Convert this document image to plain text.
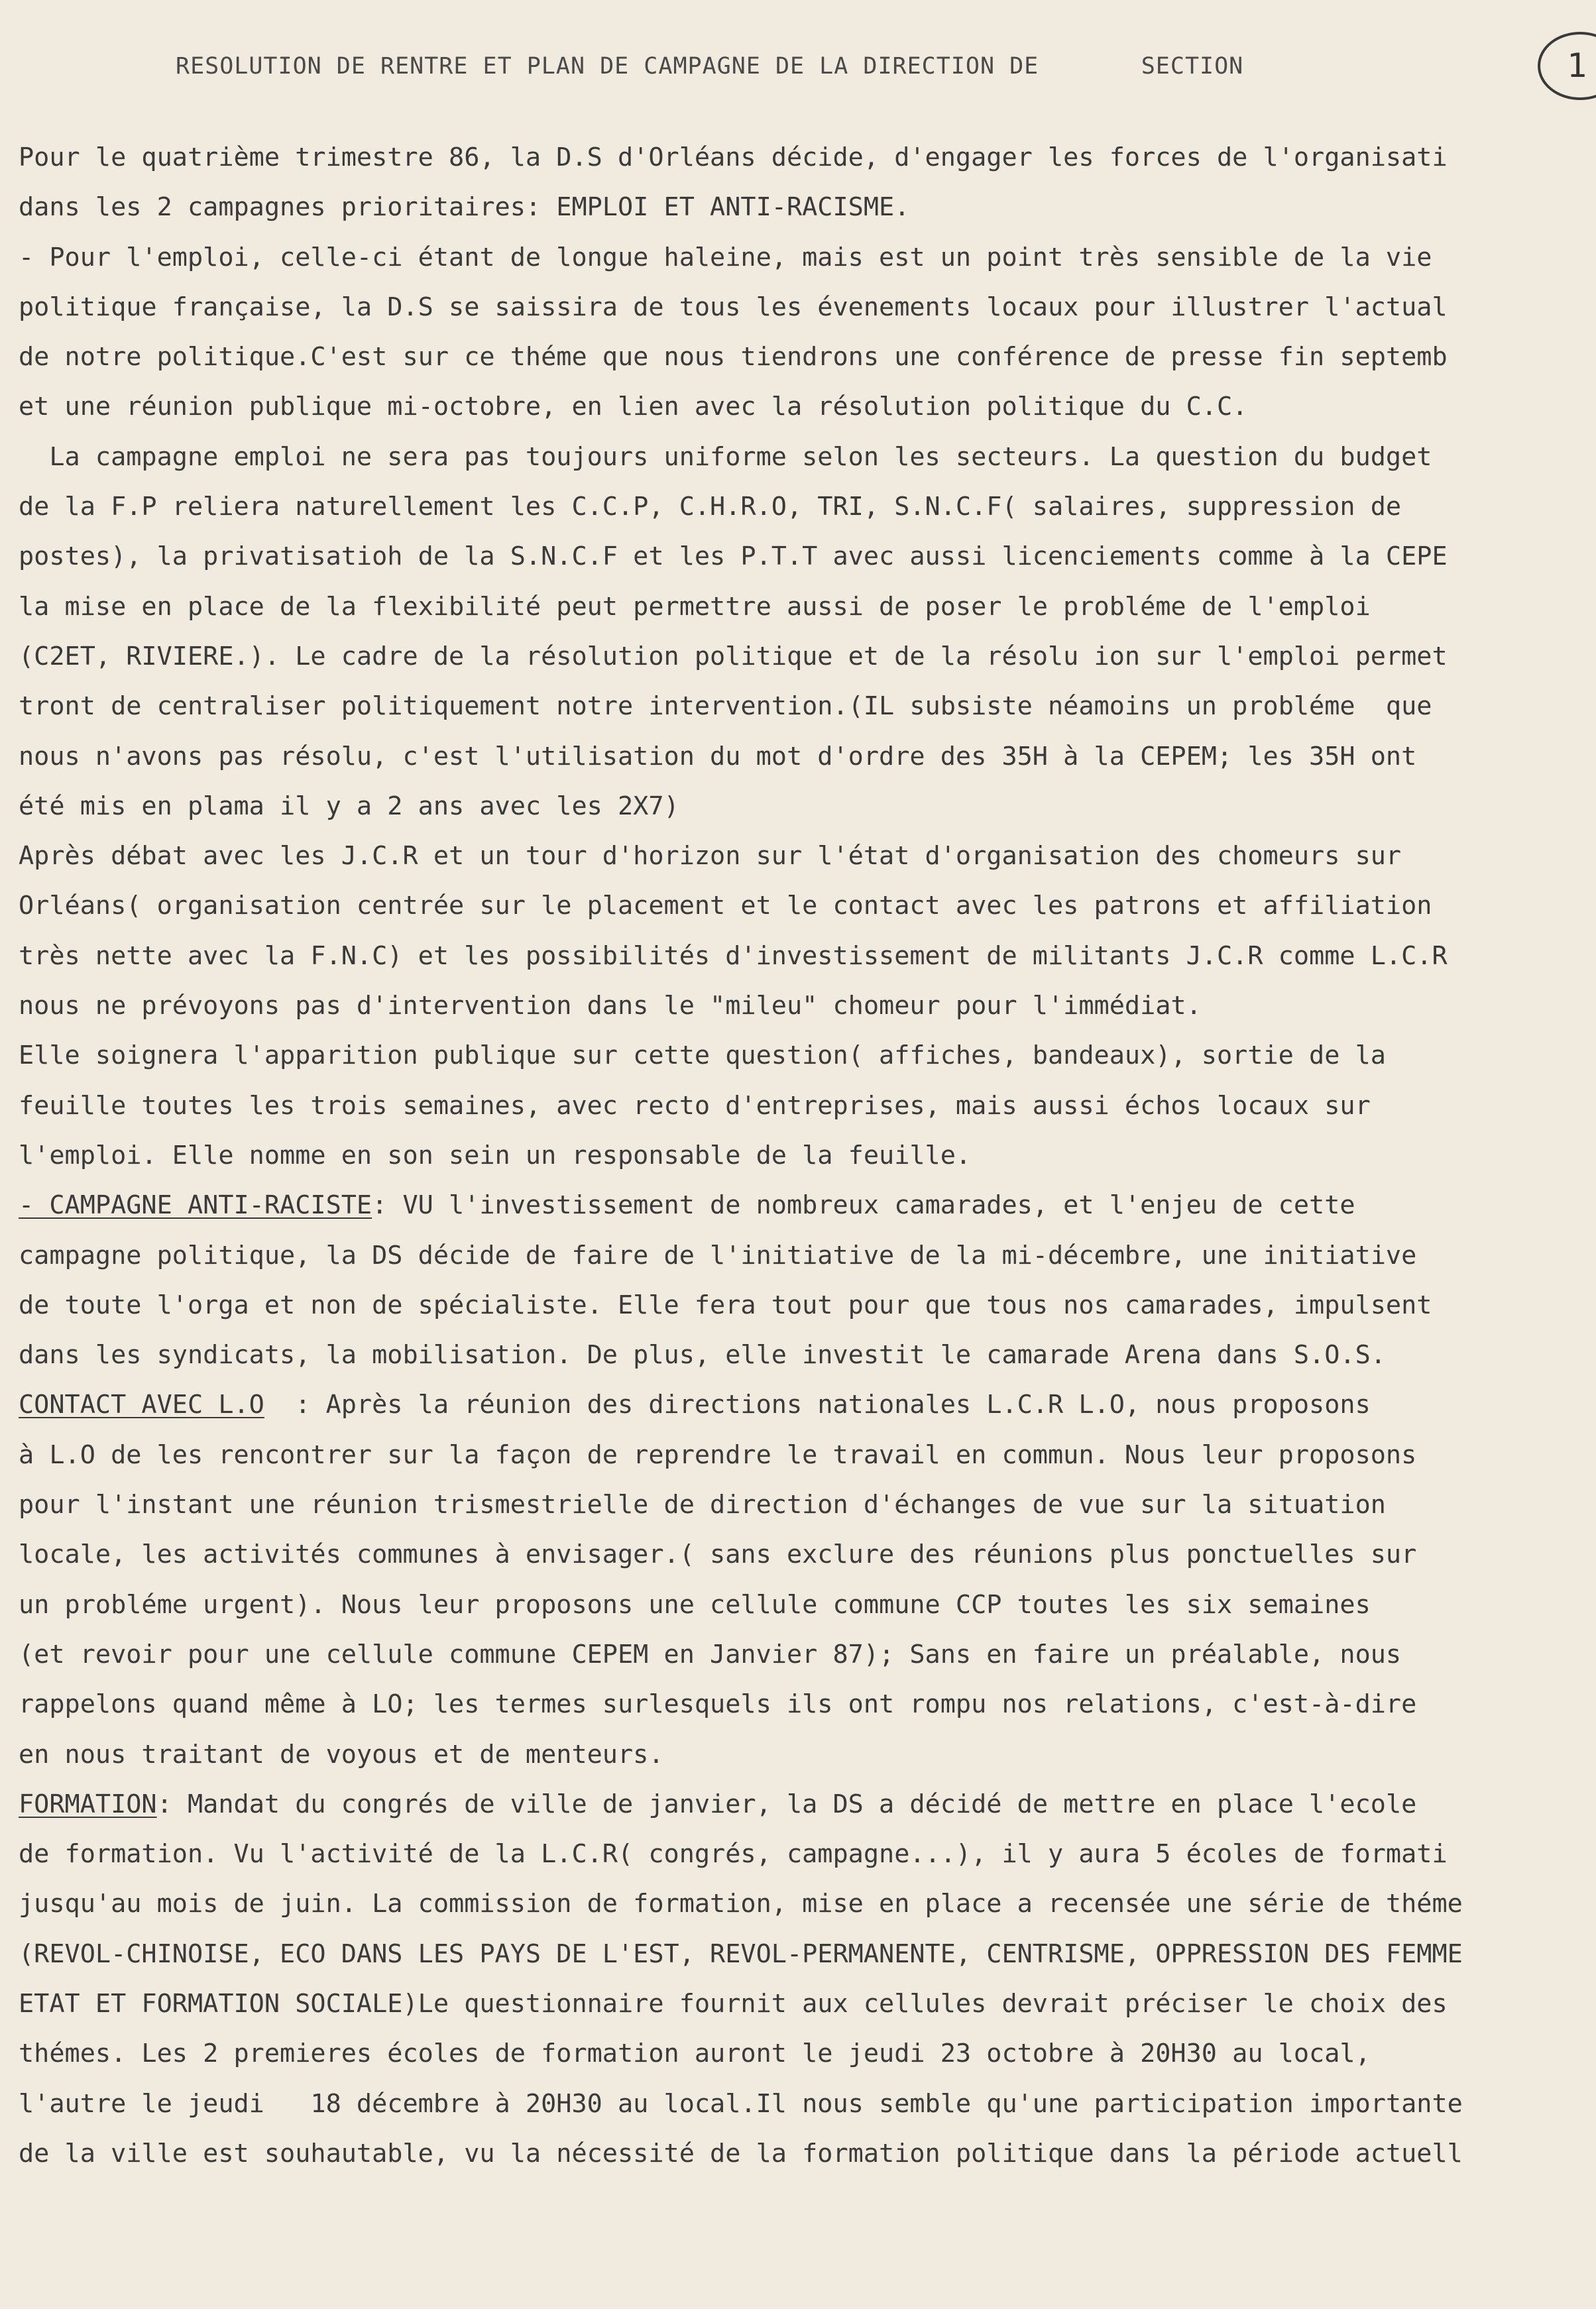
RESOLUTION DE RENTRE ET PLAN DE CAMPAGNE DE LA DIRECTION DE       SECTION	1
Pour le quatrième trimestre 86, la D.S d'Orléans décide, d'engager les forces de l'organisati
dans les 2 campagnes prioritaires: EMPLOI ET ANTI-RACISME.
- Pour l'emploi, celle-ci étant de longue haleine, mais est un point très sensible de la vie
politique française, la D.S se saissira de tous les évenements locaux pour illustrer l'actual
de notre politique.C'est sur ce théme que nous tiendrons une conférence de presse fin septemb
et une réunion publique mi-octobre, en lien avec la résolution politique du C.C.
La campagne emploi ne sera pas toujours uniforme selon les secteurs. La question du budget
de la F.P reliera naturellement les C.C.P, C.H.R.O, TRI, S.N.C.F( salaires, suppression de
postes), la privatisatioh de la S.N.C.F et les P.T.T avec aussi licenciements comme à la CEPE
la mise en place de la flexibilité peut permettre aussi de poser le probléme de l'emploi
(C2ET, RIVIERE.). Le cadre de la résolution politique et de la résolu ion sur l'emploi permet
tront de centraliser politiquement notre intervention.(IL subsiste néamoins un probléme  que
nous n'avons pas résolu, c'est l'utilisation du mot d'ordre des 35H à la CEPEM; les 35H ont
été mis en plama il y a 2 ans avec les 2X7)
Après débat avec les J.C.R et un tour d'horizon sur l'état d'organisation des chomeurs sur
Orléans( organisation centrée sur le placement et le contact avec les patrons et affiliation
très nette avec la F.N.C) et les possibilités d'investissement de militants J.C.R comme L.C.R
nous ne prévoyons pas d'intervention dans le "mileu" chomeur pour l'immédiat.
Elle soignera l'apparition publique sur cette question( affiches, bandeaux), sortie de la
feuille toutes les trois semaines, avec recto d'entreprises, mais aussi échos locaux sur
l'emploi. Elle nomme en son sein un responsable de la feuille.
- CAMPAGNE ANTI-RACISTE: VU l'investissement de nombreux camarades, et l'enjeu de cette
campagne politique, la DS décide de faire de l'initiative de la mi-décembre, une initiative
de toute l'orga et non de spécialiste. Elle fera tout pour que tous nos camarades, impulsent
dans les syndicats, la mobilisation. De plus, elle investit le camarade Arena dans S.O.S.
CONTACT AVEC L.O  : Après la réunion des directions nationales L.C.R L.O, nous proposons
à L.O de les rencontrer sur la façon de reprendre le travail en commun. Nous leur proposons
pour l'instant une réunion trismestrielle de direction d'échanges de vue sur la situation
locale, les activités communes à envisager.( sans exclure des réunions plus ponctuelles sur
un probléme urgent). Nous leur proposons une cellule commune CCP toutes les six semaines
(et revoir pour une cellule commune CEPEM en Janvier 87); Sans en faire un préalable, nous
rappelons quand même à LO; les termes surlesquels ils ont rompu nos relations, c'est-à-dire
en nous traitant de voyous et de menteurs.
FORMATION: Mandat du congrés de ville de janvier, la DS a décidé de mettre en place l'ecole
de formation. Vu l'activité de la L.C.R( congrés, campagne...), il y aura 5 écoles de formati
jusqu'au mois de juin. La commission de formation, mise en place a recensée une série de théme
(REVOL-CHINOISE, ECO DANS LES PAYS DE L'EST, REVOL-PERMANENTE, CENTRISME, OPPRESSION DES FEMME
ETAT ET FORMATION SOCIALE)Le questionnaire fournit aux cellules devrait préciser le choix des
thémes. Les 2 premieres écoles de formation auront le jeudi 23 octobre à 20H30 au local,
l'autre le jeudi   18 décembre à 20H30 au local.Il nous semble qu'une participation importante
de la ville est souhautable, vu la nécessité de la formation politique dans la période actuell
